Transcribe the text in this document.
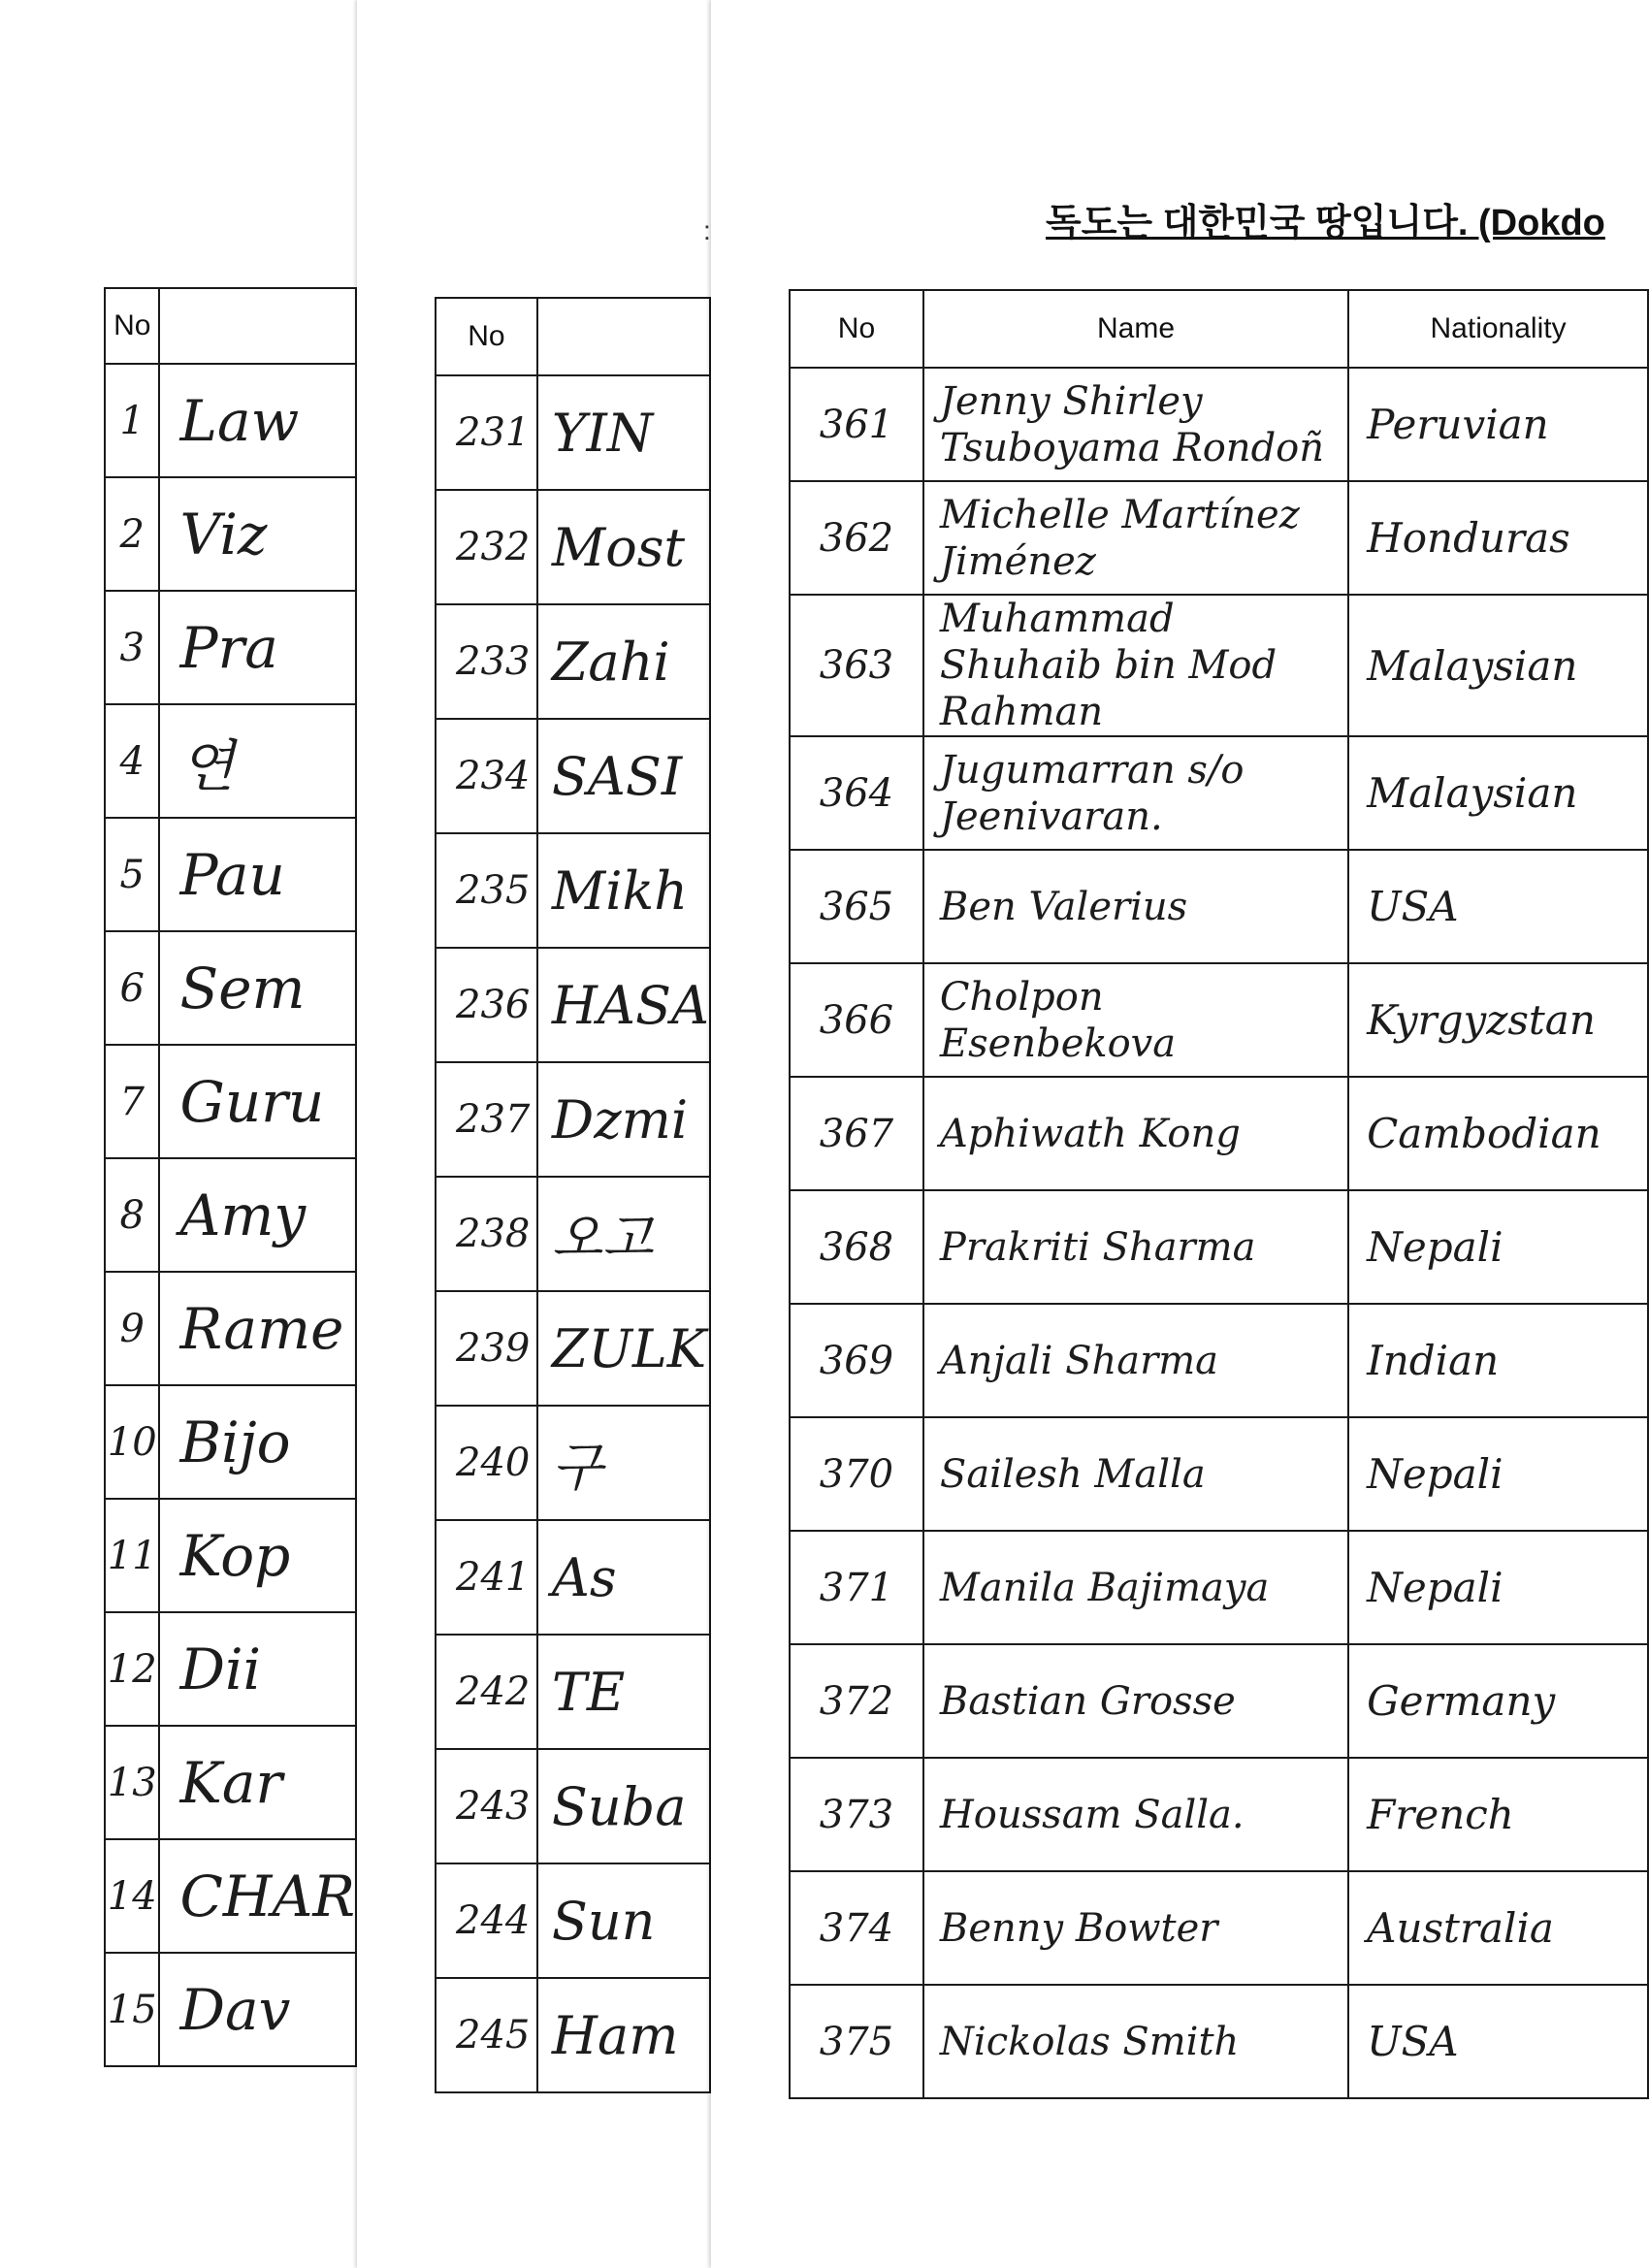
No	
1	Law
2	Viz
3	Pra
4	연
5	Pau
6	Sem
7	Guru
8	Amy
9	Rame
10	Bijo
11	Kop
12	Dii
13	Kar
14	CHAR
15	Dav
No	
231	YIN
232	Most
233	Zahi
234	SASI
235	Mikh
236	HASA
237	Dzmi
238	오고
239	ZULK
240	구
241	As
242	TE
243	Suba
244	Sun
245	Ham
:	독도는 대한민국 땅입니다. (Dokdo
No	Name	Nationality
361	Jenny Shirley Tsuboyama Rondoñ	Peruvian
362	Michelle Martínez Jiménez	Honduras
363	Muhammad Shuhaib bin Mod Rahman	Malaysian
364	Jugumarran s/o Jeenivaran.	Malaysian
365	Ben Valerius	USA
366	Cholpon Esenbekova	Kyrgyzstan
367	Aphiwath Kong	Cambodian
368	Prakriti Sharma	Nepali
369	Anjali Sharma	Indian
370	Sailesh Malla	Nepali
371	Manila Bajimaya	Nepali
372	Bastian Grosse	Germany
373	Houssam Salla.	French
374	Benny Bowter	Australia
375	Nickolas Smith	USA
